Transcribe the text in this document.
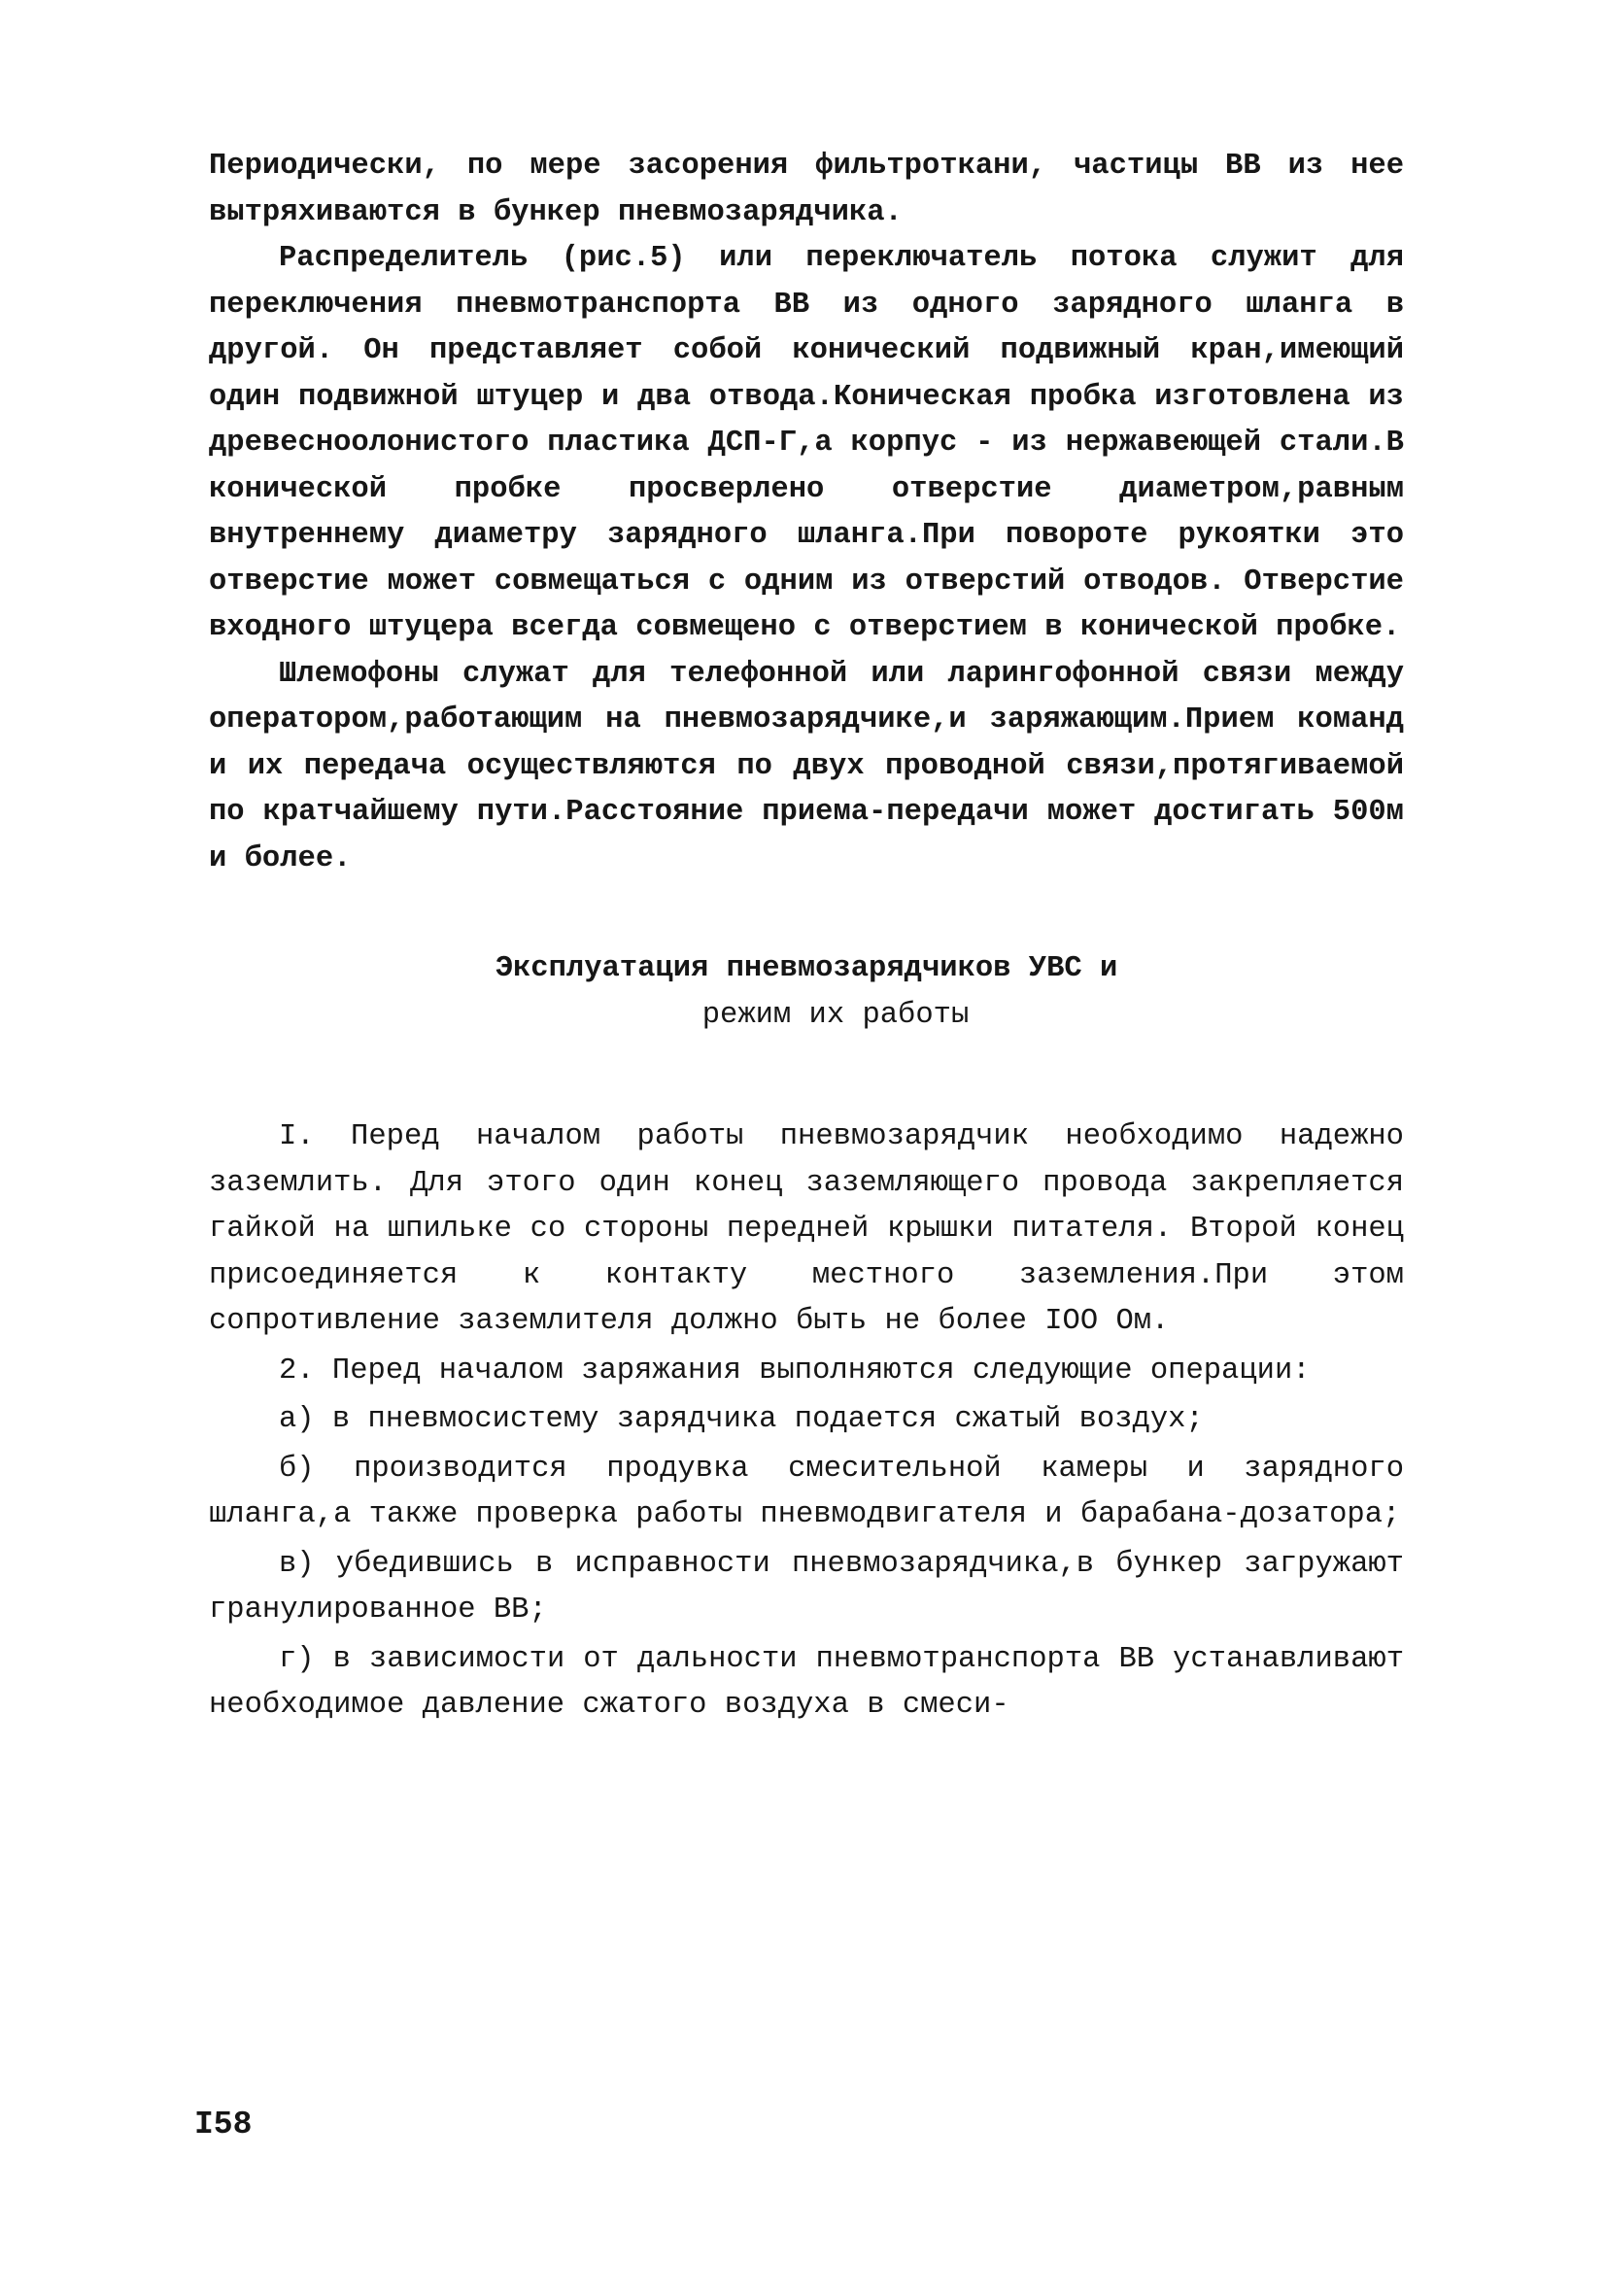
Периодически, по мере засорения фильтроткани, частицы ВВ из нее вытряхиваются в бункер пневмозарядчика.

Распределитель (рис.5) или переключатель потока служит для переключения пневмотранспорта ВВ из одного зарядного шланга в другой. Он представляет собой конический подвижный кран,имеющий один подвижной штуцер и два отвода.Коническая пробка изготовлена из древесноолонистого пластика ДСП-Г,а корпус - из нержавеющей стали.В конической пробке просверлено отверстие диаметром,равным внутреннему диаметру зарядного шланга.При повороте рукоятки это отверстие может совмещаться с одним из отверстий отводов. Отверстие входного штуцера всегда совмещено с отверстием в конической пробке.

Шлемофоны служат для телефонной или ларингофонной связи между оператором,работающим на пневмозарядчике,и заряжающим.Прием команд и их передача осуществляются по двух проводной связи,протягиваемой по кратчайшему пути.Расстояние приема-передачи может достигать 500м и более.

Эксплуатация пневмозарядчиков УВС и
режим их работы

I. Перед началом работы пневмозарядчик необходимо надежно заземлить. Для этого один конец заземляющего провода закрепляется гайкой на шпильке со стороны передней крышки питателя. Второй конец присоединяется к контакту местного заземления.При этом сопротивление заземлителя должно быть не более IOO Ом.

2. Перед началом заряжания выполняются следующие операции:

а) в пневмосистему зарядчика подается сжатый воздух;

б) производится продувка смесительной камеры и зарядного шланга,а также проверка работы пневмодвигателя и барабана-дозатора;

в) убедившись в исправности пневмозарядчика,в бункер загружают гранулированное ВВ;

г) в зависимости от дальности пневмотранспорта ВВ устанавливают необходимое давление сжатого воздуха в смеси-

I58
